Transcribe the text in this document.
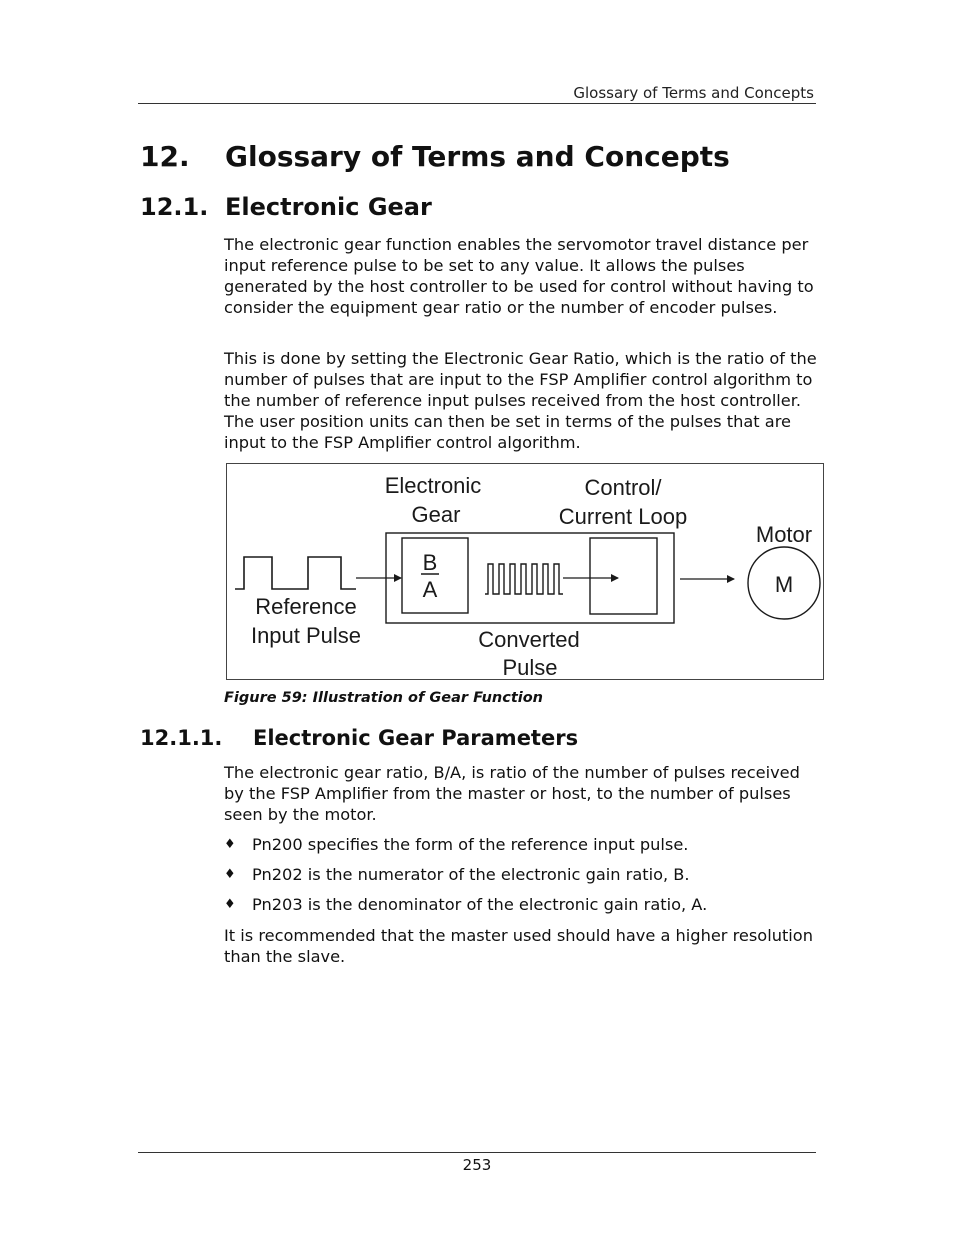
Glossary of Terms and Concepts
12. Glossary of Terms and Concepts
12.1. Electronic Gear

The electronic gear function enables the servomotor travel distance per input reference pulse to be set to any value. It allows the pulses generated by the host controller to be used for control without having to consider the equipment gear ratio or the number of encoder pulses.

This is done by setting the Electronic Gear Ratio, which is the ratio of the number of pulses that are input to the FSP Amplifier control algorithm to the number of reference input pulses received from the host controller. The user position units can then be set in terms of the pulses that are input to the FSP Amplifier control algorithm.

B
A	M
Electronic
Gear
Control/
Current Loop
Motor
Reference
Input Pulse	Converted
Pulse
Figure 59: Illustration of Gear Function
12.1.1. Electronic Gear Parameters

The electronic gear ratio, B/A, is ratio of the number of pulses received by the FSP Amplifier from the master or host, to the number of pulses seen by the motor.

♦ Pn200 specifies the form of the reference input pulse.
♦ Pn202 is the numerator of the electronic gain ratio, B.
♦ Pn203 is the denominator of the electronic gain ratio, A.

It is recommended that the master used should have a higher resolution than the slave.

253
